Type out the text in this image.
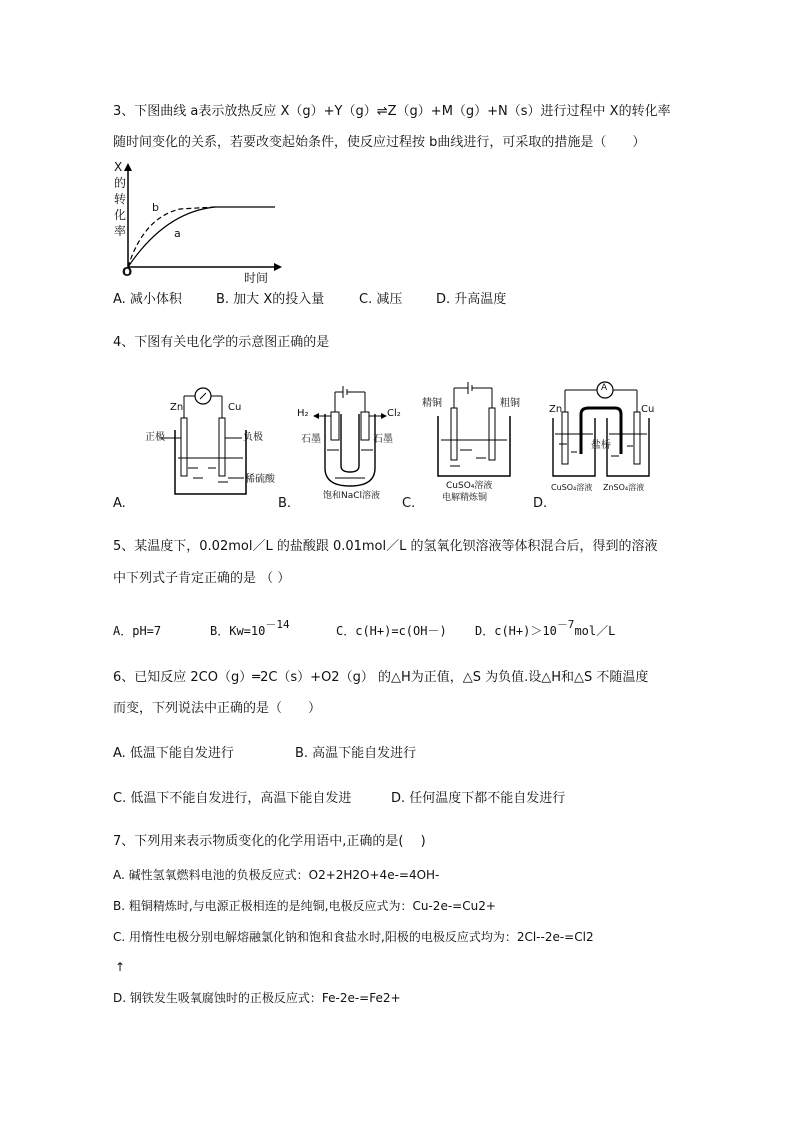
3、下图曲线 a表示放热反应 X（g）+Y（g）⇌Z（g）+M（g）+N（s）进行过程中 X的转化率
随时间变化的关系，若要改变起始条件，使反应过程按 b曲线进行，可采取的措施是（　　）
X
的
转
化
率
O	时间
b
a
A. 减小体积	B. 加大 X的投入量	C. 减压	D. 升高温度
4、下图有关电化学的示意图正确的是
Zn	Cu
正极	负极
稀硫酸
A.
H₂	Cl₂
石墨	石墨
饱和NaCl溶液
B.
精铜	粗铜
CuSO₄溶液
电解精炼铜
C.
A
Zn	Cu
盐桥
CuSO₄溶液 ZnSO₄溶液
D.
5、某温度下，0.02mol／L 的盐酸跟 0.01mol／L 的氢氧化钡溶液等体积混合后，得到的溶液
中下列式子肯定正确的是 （ ）
A．pH=7	B．Kw=10－14	C．c(H+)=c(OH－) D．c(H+)＞10－7mol／L
6、已知反应 2CO（g）═2C（s）+O2（g） 的△H为正值，△S 为负值.设△H和△S 不随温度
而变，下列说法中正确的是（　　）
A. 低温下能自发进行	B. 高温下能自发进行
C. 低温下不能自发进行，高温下能自发进	D. 任何温度下都不能自发进行
7、下列用来表示物质变化的化学用语中,正确的是(　 )
A. 碱性氢氧燃料电池的负极反应式：O2+2H2O+4e-=4OH-
B. 粗铜精炼时,与电源正极相连的是纯铜,电极反应式为：Cu-2e-=Cu2+
C. 用惰性电极分别电解熔融氯化钠和饱和食盐水时,阳极的电极反应式均为：2Cl--2e-=Cl2
↑
D. 钢铁发生吸氧腐蚀时的正极反应式：Fe-2e-=Fe2+
